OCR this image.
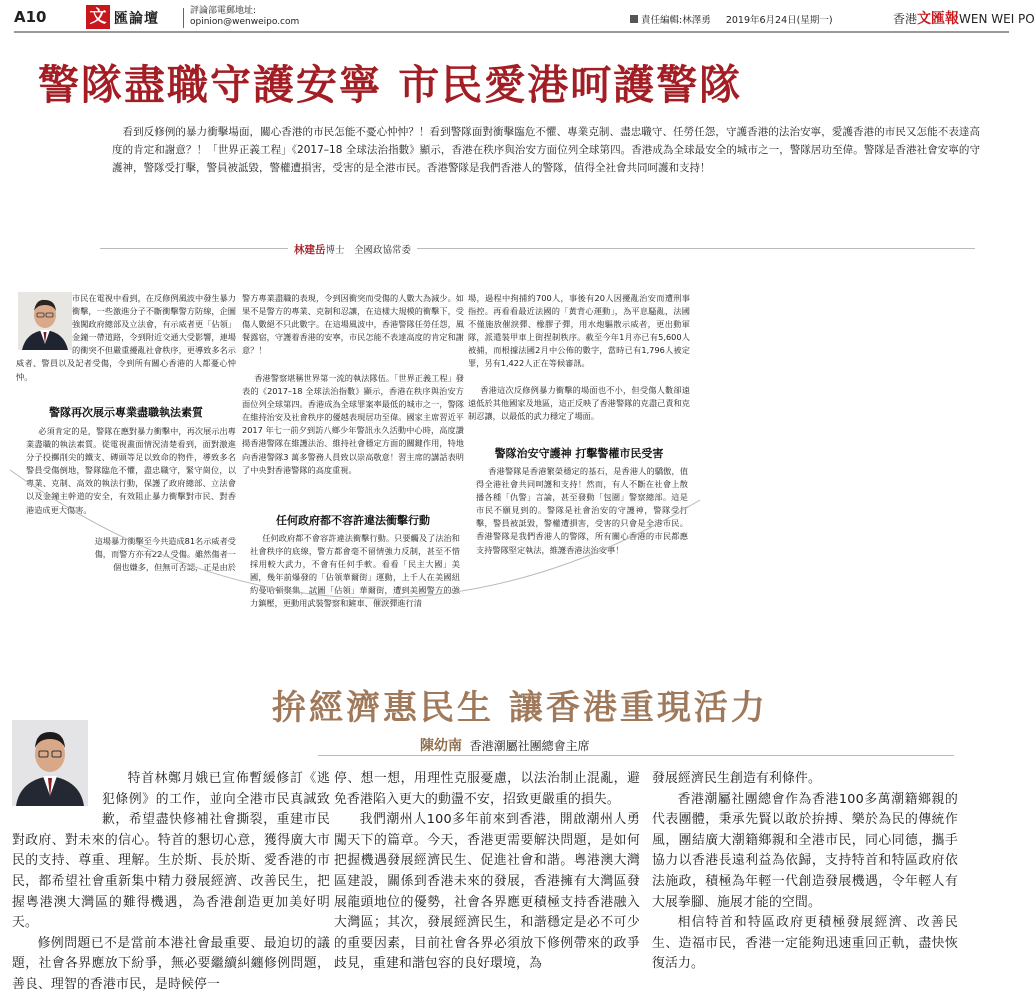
A10	文 匯論壇	評論部電郵地址:
opinion@wenweipo.com	責任編輯:林澤勇 2019年6月24日(星期一)	香港文匯報WEN WEI PO
警隊盡職守護安寧 市民愛港呵護警隊
看到反修例的暴力衝擊場面，關心香港的市民怎能不憂心忡忡？！看到警隊面對衝擊臨危不懼、專業克制、盡忠職守、任勞任怨，守護香港的法治安寧，愛護香港的市民又怎能不表達高度的肯定和謝意？！「世界正義工程」《2017–18 全球法治指數》顯示，香港在秩序與治安方面位列全球第四。香港成為全球最安全的城市之一，警隊居功至偉。警隊是香港社會安寧的守護神，警隊受打擊，警員被詆毀，警權遭損害，受害的是全港市民。香港警隊是我們香港人的警隊，值得全社會共同呵護和支持！
林建岳博士　全國政協常委
市民在電視中看到，在反修例風波中發生暴力衝擊，一些激進分子不斷衝擊警方防線，企圖強闖政府總部及立法會，有示威者更「佔領」金鐘一帶道路，令到附近交通大受影響，連場的衝突不但嚴重擾亂社會秩序，更導致多名示威者、警員以及記者受傷，令到所有關心香港的人都憂心忡忡。
警隊再次展示專業盡職執法素質
必須肯定的是，警隊在應對暴力衝擊中，再次展示出專業盡職的執法素質。從電視畫面情況清楚看到，面對激進分子投擲削尖的鐵支、磚頭等足以致命的物件，導致多名警員受傷倒地，警隊臨危不懼，盡忠職守，緊守崗位，以專業、克制、高效的執法行動，保護了政府總部、立法會以及金鐘主幹道的安全，有效阻止暴力衝擊對市民、對香港造成更大傷害。
這場暴力衝擊至今共造成81名示威者受傷，而警方亦有22人受傷。雖然傷者一個也嫌多，但無可否認，正是由於
警方專業盡職的表現，令到因衝突而受傷的人數大為減少。如果不是警方的專業、克制和忍讓，在這樣大規模的衝擊下，受傷人數絕不只此數字。在這場風波中，香港警隊任勞任怨，風餐露宿，守護着香港的安寧，市民怎能不表達高度的肯定和謝意？！
香港警察堪稱世界第一流的執法隊伍。「世界正義工程」發表的《2017–18 全球法治指數》顯示，香港在秩序與治安方面位列全球第四。香港成為全球罪案率最低的城市之一，警隊在維持治安及社會秩序的優越表現居功至偉。國家主席習近平2017 年七一前夕到訪八鄉少年警訊永久活動中心時，高度讚揚香港警隊在維護法治、維持社會穩定方面的關鍵作用，特地向香港警隊3 萬多警務人員致以崇高敬意！習主席的講話表明了中央對香港警隊的高度重視。
任何政府都不容許違法衝擊行動
任何政府都不會容許違法衝擊行動。只要觸及了法治和社會秩序的底線，警方都會毫不留情強力反制，甚至不惜採用較大武力，不會有任何手軟。看看「民主大國」美國，幾年前爆發的「佔領華爾街」運動，上千人在美國紐約曼哈頓聚集，試圖「佔領」華爾街，遭到美國警方的強力鎮壓，更動用武裝警察和鏟車、催淚彈進行清
場，過程中拘捕約700人，事後有20人因擾亂治安而遭刑事指控。再看看最近法國的「黃背心運動」，為平息騷亂，法國不僅施放催淚彈、橡膠子彈，用水炮驅散示威者，更出動軍隊，派遣裝甲車上街捏制秩序。截至今年1月亦已有5,600人被捕，而根據法國2月中公佈的數字，當時已有1,796人被定罪，另有1,422人正在等候審訊。
香港這次反修例暴力衝擊的場面也不小，但受傷人數卻遠遠低於其他國家及地區，這正反映了香港警隊的克盡己責和克制忍讓，以最低的武力穩定了場面。
警隊治安守護神 打擊警權市民受害
香港警隊是香港繁榮穩定的基石，是香港人的驕傲，值得全港社會共同呵護和支持！然而，有人不斷在社會上散播各種「仇警」言論，甚至發動「包圍」警察總部。這是市民不願見到的。警隊是社會治安的守護神，警隊受打擊，警員被詆毀，警權遭損害，受害的只會是全港市民。香港警隊是我們香港人的警隊，所有關心香港的市民都應支持警隊堅定執法，維護香港法治安寧！
拚經濟惠民生 讓香港重現活力
陳幼南 香港潮屬社團總會主席

特首林鄭月娥已宣佈暫緩修訂《逃犯條例》的工作，並向全港市民真誠致歉，希望盡快修補社會撕裂，重建市民對政府、對未來的信心。特首的懇切心意，獲得廣大市民的支持、尊重、理解。生於斯、長於斯、愛香港的市民，都希望社會重新集中精力發展經濟、改善民生，把握粵港澳大灣區的難得機遇，為香港創造更加美好明天。

修例問題已不是當前本港社會最重要、最迫切的議題，社會各界應放下紛爭，無必要繼續糾纏修例問題，善良、理智的香港市民，是時候停一

停、想一想，用理性克服憂慮，以法治制止混亂，避免香港陷入更大的動盪不安，招致更嚴重的損失。

我們潮州人100多年前來到香港，開啟潮州人勇闖天下的篇章。今天，香港更需要解決問題，是如何把握機遇發展經濟民生、促進社會和諧。粵港澳大灣區建設，關係到香港未來的發展，香港擁有大灣區發展龍頭地位的優勢，社會各界應更積極支持香港融入大灣區；其次，發展經濟民生，和諧穩定是必不可少的重要因素，目前社會各界必須放下修例帶來的政爭歧見，重建和諧包容的良好環境，為

發展經濟民生創造有利條件。

香港潮屬社團總會作為香港100多萬潮籍鄉親的代表團體，秉承先賢以敢於拚搏、樂於為民的傳統作風，團結廣大潮籍鄉親和全港市民，同心同德，攜手協力以香港長遠利益為依歸，支持特首和特區政府依法施政，積極為年輕一代創造發展機遇，令年輕人有大展拳腳、施展才能的空間。

相信特首和特區政府更積極發展經濟、改善民生、造福市民，香港一定能夠迅速重回正軌，盡快恢復活力。
